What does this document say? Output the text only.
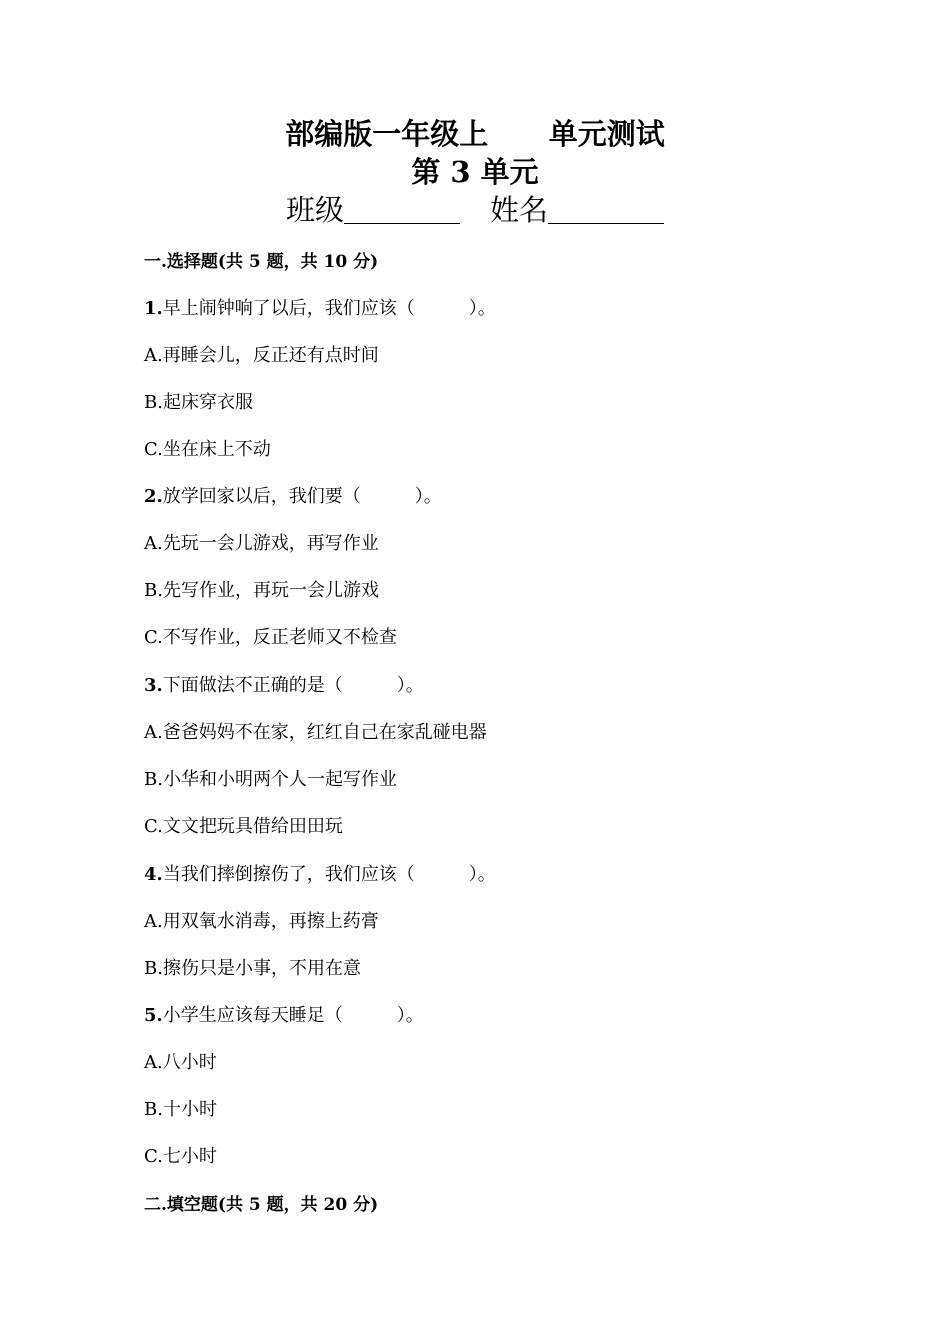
部编版一年级上 单元测试
第 3 单元
班级	姓名
一.选择题(共 5 题，共 10 分)
1.早上闹钟响了以后，我们应该（　　　）。
A.再睡会儿，反正还有点时间
B.起床穿衣服
C.坐在床上不动
2.放学回家以后，我们要（　　　）。
A.先玩一会儿游戏，再写作业
B.先写作业，再玩一会儿游戏
C.不写作业，反正老师又不检查
3.下面做法不正确的是（　　　）。
A.爸爸妈妈不在家，红红自己在家乱碰电器
B.小华和小明两个人一起写作业
C.文文把玩具借给田田玩
4.当我们摔倒擦伤了，我们应该（　　　）。
A.用双氧水消毒，再擦上药膏
B.擦伤只是小事，不用在意
5.小学生应该每天睡足（　　　）。
A.八小时
B.十小时
C.七小时
二.填空题(共 5 题，共 20 分)
